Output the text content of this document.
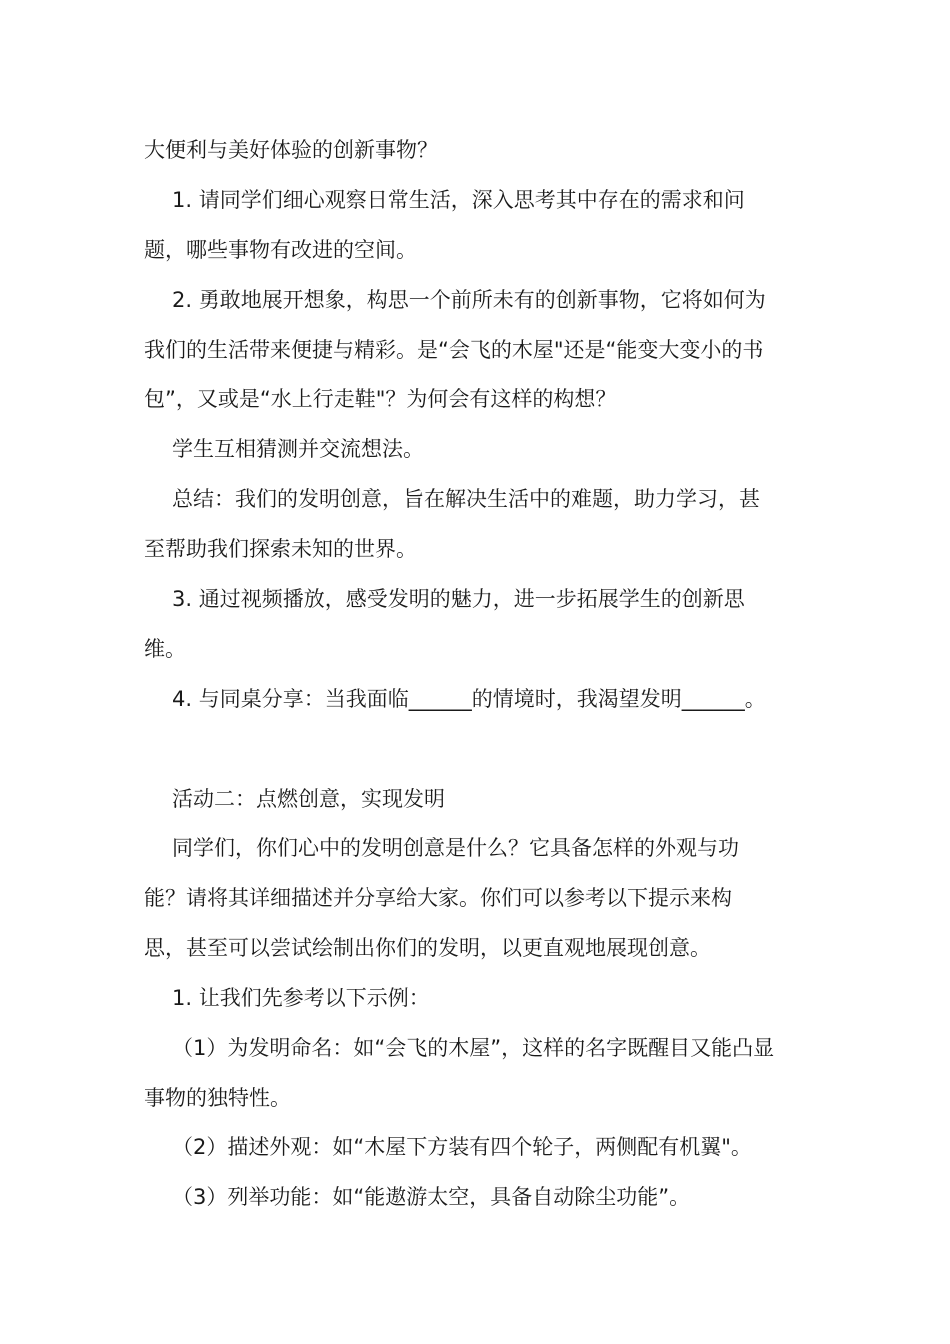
大便利与美好体验的创新事物？
1. 请同学们细心观察日常生活，深入思考其中存在的需求和问
题，哪些事物有改进的空间。
2. 勇敢地展开想象，构思一个前所未有的创新事物，它将如何为
我们的生活带来便捷与精彩。是“会飞的木屋"还是“能变大变小的书
包”，又或是“水上行走鞋"？为何会有这样的构想？
学生互相猜测并交流想法。
总结：我们的发明创意，旨在解决生活中的难题，助力学习，甚
至帮助我们探索未知的世界。
3. 通过视频播放，感受发明的魅力，进一步拓展学生的创新思
维。
4. 与同桌分享：当我面临______的情境时，我渴望发明______。
活动二：点燃创意，实现发明
同学们，你们心中的发明创意是什么？它具备怎样的外观与功
能？请将其详细描述并分享给大家。你们可以参考以下提示来构
思，甚至可以尝试绘制出你们的发明，以更直观地展现创意。
1. 让我们先参考以下示例：
（1）为发明命名：如“会飞的木屋”，这样的名字既醒目又能凸显
事物的独特性。
（2）描述外观：如“木屋下方装有四个轮子，两侧配有机翼"。
（3）列举功能：如“能遨游太空，具备自动除尘功能”。
